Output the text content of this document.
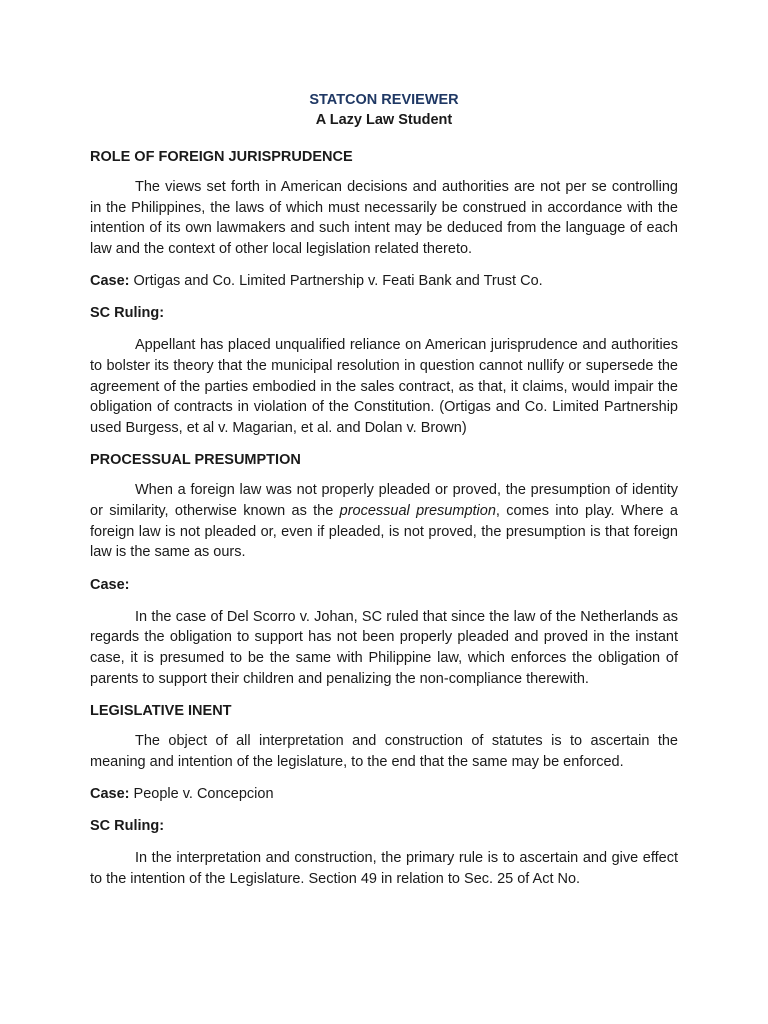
STATCON REVIEWER

A Lazy Law Student

ROLE OF FOREIGN JURISPRUDENCE

The views set forth in American decisions and authorities are not per se controlling in the Philippines, the laws of which must necessarily be construed in accordance with the intention of its own lawmakers and such intent may be deduced from the language of each law and the context of other local legislation related thereto.

Case: Ortigas and Co. Limited Partnership v. Feati Bank and Trust Co.

SC Ruling:

Appellant has placed unqualified reliance on American jurisprudence and authorities to bolster its theory that the municipal resolution in question cannot nullify or supersede the agreement of the parties embodied in the sales contract, as that, it claims, would impair the obligation of contracts in violation of the Constitution. (Ortigas and Co. Limited Partnership used Burgess, et al v. Magarian, et al. and Dolan v. Brown)

PROCESSUAL PRESUMPTION

When a foreign law was not properly pleaded or proved, the presumption of identity or similarity, otherwise known as the processual presumption, comes into play. Where a foreign law is not pleaded or, even if pleaded, is not proved, the presumption is that foreign law is the same as ours.

Case:

In the case of Del Scorro v. Johan, SC ruled that since the law of the Netherlands as regards the obligation to support has not been properly pleaded and proved in the instant case, it is presumed to be the same with Philippine law, which enforces the obligation of parents to support their children and penalizing the non-compliance therewith.

LEGISLATIVE INENT

The object of all interpretation and construction of statutes is to ascertain the meaning and intention of the legislature, to the end that the same may be enforced.

Case: People v. Concepcion

SC Ruling:

In the interpretation and construction, the primary rule is to ascertain and give effect to the intention of the Legislature. Section 49 in relation to Sec. 25 of Act No.
